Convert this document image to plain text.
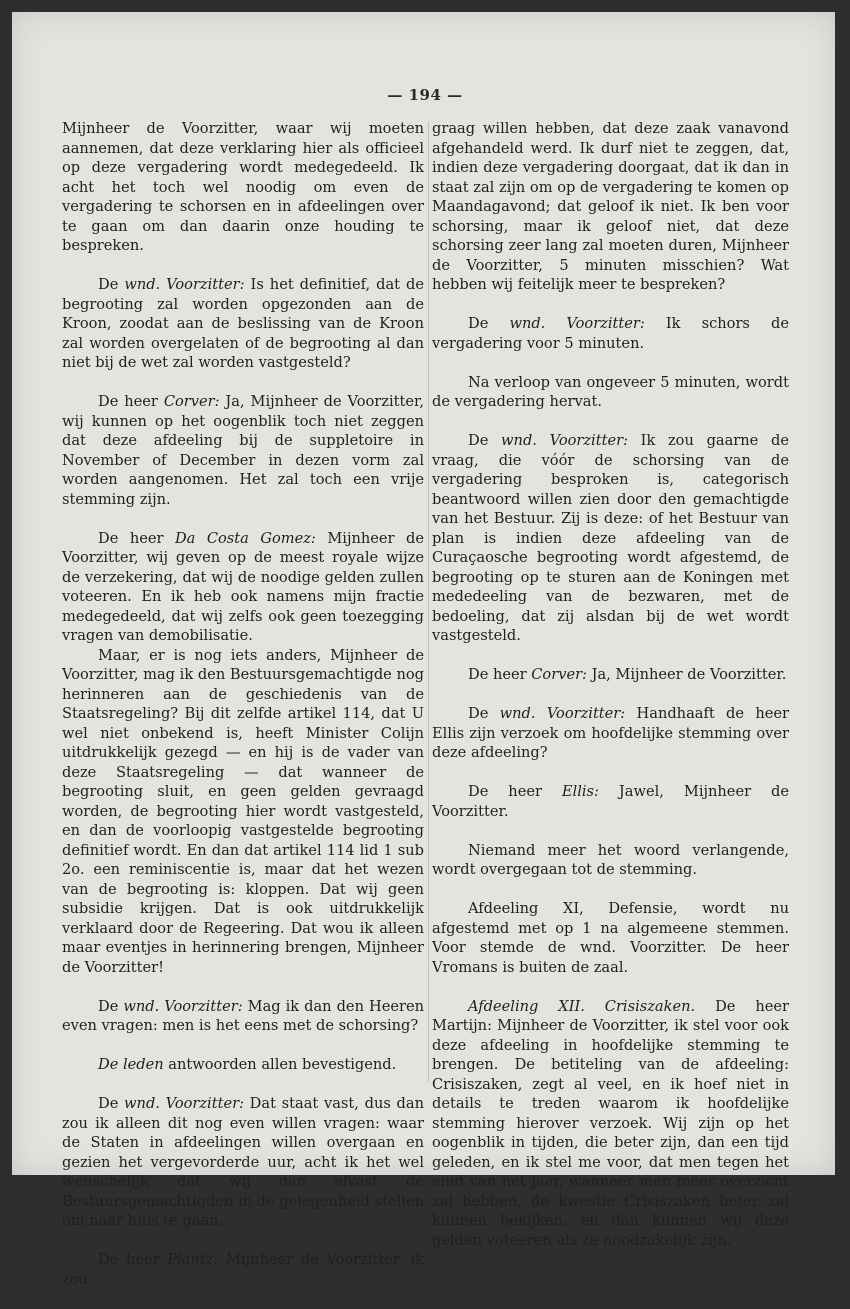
— 194 —

Mijnheer de Voorzitter, waar wij moeten aannemen, dat deze verklaring hier als officieel op deze vergadering wordt medegedeeld. Ik acht het toch wel noodig om even de vergadering te schorsen en in afdeelingen over te gaan om dan daarin onze houding te bespreken.

De wnd. Voorzitter: Is het definitief, dat de begrooting zal worden opgezonden aan de Kroon, zoodat aan de beslissing van de Kroon zal worden overgelaten of de begrooting al dan niet bij de wet zal worden vastgesteld?

De heer Corver: Ja, Mijnheer de Voorzitter, wij kunnen op het oogenblik toch niet zeggen dat deze afdeeling bij de suppletoire in November of December in dezen vorm zal worden aangenomen. Het zal toch een vrije stemming zijn.

De heer Da Costa Gomez: Mijnheer de Voorzitter, wij geven op de meest royale wijze de verzekering, dat wij de noodige gelden zullen voteeren. En ik heb ook namens mijn fractie medegedeeld, dat wij zelfs ook geen toezegging vragen van demobilisatie.

Maar, er is nog iets anders, Mijnheer de Voorzitter, mag ik den Bestuursgemachtigde nog herinneren aan de geschiedenis van de Staatsregeling? Bij dit zelfde artikel 114, dat U wel niet onbekend is, heeft Minister Colijn uitdrukkelijk gezegd — en hij is de vader van deze Staatsregeling — dat wanneer de begrooting sluit, en geen gelden gevraagd worden, de begrooting hier wordt vastgesteld, en dan de voorloopig vastgestelde begrooting definitief wordt. En dan dat artikel 114 lid 1 sub 2o. een reminiscentie is, maar dat het wezen van de begrooting is: kloppen. Dat wij geen subsidie krijgen. Dat is ook uitdrukkelijk verklaard door de Regeering. Dat wou ik alleen maar eventjes in herinnering brengen, Mijnheer de Voorzitter!

De wnd. Voorzitter: Mag ik dan den Heeren even vragen: men is het eens met de schorsing?

De leden antwoorden allen bevestigend.

De wnd. Voorzitter: Dat staat vast, dus dan zou ik alleen dit nog even willen vragen: waar de Staten in afdeelingen willen overgaan en gezien het vergevorderde uur, acht ik het wel wenschelijk dat wij dan alvast de Bestuursgemachtigden in de gelegenheid stellen om naar huis te gaan.

De heer Plantz: Mijnheer de Voorzitter, ik zou

graag willen hebben, dat deze zaak vanavond afgehandeld werd. Ik durf niet te zeggen, dat, indien deze vergadering doorgaat, dat ik dan in staat zal zijn om op de vergadering te komen op Maandagavond; dat geloof ik niet. Ik ben voor schorsing, maar ik geloof niet, dat deze schorsing zeer lang zal moeten duren, Mijnheer de Voorzitter, 5 minuten misschien? Wat hebben wij feitelijk meer te bespreken?

De wnd. Voorzitter: Ik schors de vergadering voor 5 minuten.

Na verloop van ongeveer 5 minuten, wordt de vergadering hervat.

De wnd. Voorzitter: Ik zou gaarne de vraag, die vóór de schorsing van de vergadering besproken is, categorisch beantwoord willen zien door den gemachtigde van het Bestuur. Zij is deze: of het Bestuur van plan is indien deze afdeeling van de Curaçaosche begrooting wordt afgestemd, de begrooting op te sturen aan de Koningen met mededeeling van de bezwaren, met de bedoeling, dat zij alsdan bij de wet wordt vastgesteld.

De heer Corver: Ja, Mijnheer de Voorzitter.

De wnd. Voorzitter: Handhaaft de heer Ellis zijn verzoek om hoofdelijke stemming over deze afdeeling?

De heer Ellis: Jawel, Mijnheer de Voorzitter.

Niemand meer het woord verlangende, wordt overgegaan tot de stemming.

Afdeeling XI, Defensie, wordt nu afgestemd met op 1 na algemeene stemmen. Voor stemde de wnd. Voorzitter. De heer Vromans is buiten de zaal.

Afdeeling XII. Crisiszaken. De heer Martijn: Mijnheer de Voorzitter, ik stel voor ook deze afdeeling in hoofdelijke stemming te brengen. De betiteling van de afdeeling: Crisiszaken, zegt al veel, en ik hoef niet in details te treden waarom ik hoofdelijke stemming hierover verzoek. Wij zijn op het oogenblik in tijden, die beter zijn, dan een tijd geleden, en ik stel me voor, dat men tegen het eind van het jaar, wanneer men meer overzicht zal hebben, de kwestie Crisiszaken beter zal kunnen bekijken, en dan kunnen wij deze gelden voteeren als ze noodzakelijk zijn.
